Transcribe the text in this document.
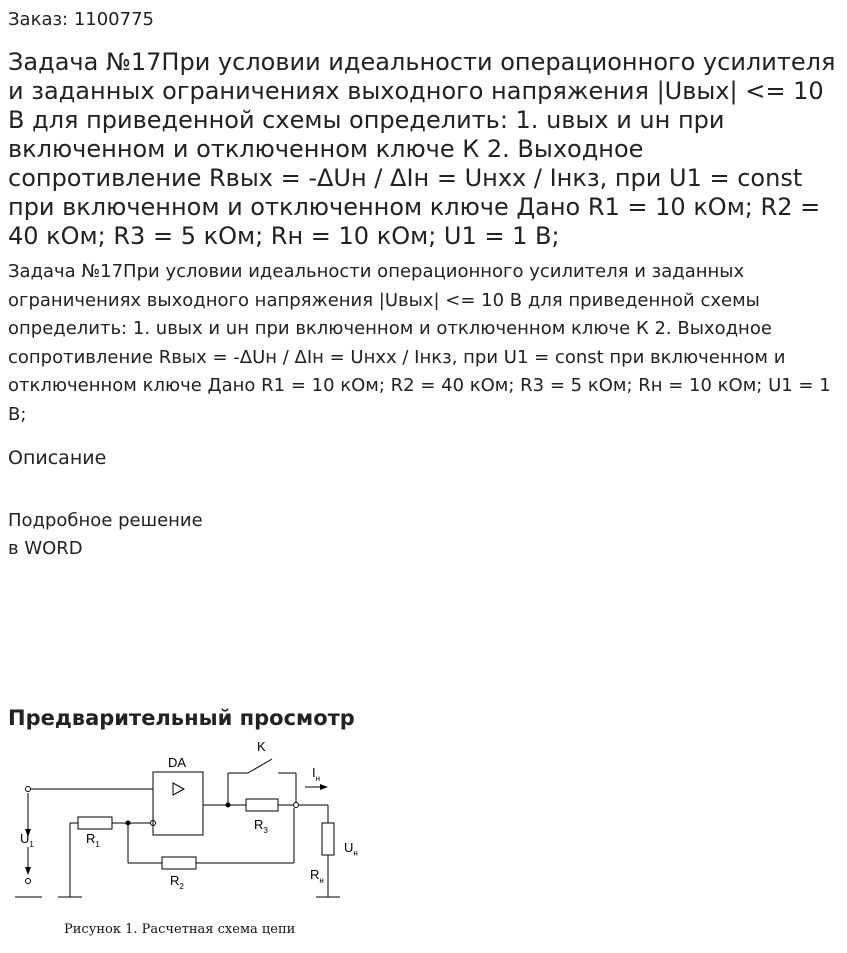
Заказ: 1100775
Задача №17При условии идеальности операционного усилителя и заданных ограничениях выходного напряжения |Uвых| <= 10 В для приведенной схемы определить: 1. uвых и uн при включенном и отключенном ключе К 2. Выходное сопротивление Rвых = -ΔUн / ΔIн = Uнхх / Iнкз, при U1 = const при включенном и отключенном ключе Дано R1 = 10 кОм; R2 = 40 кОм; R3 = 5 кОм; Rн = 10 кОм; U1 = 1 В;

Задача №17При условии идеальности операционного усилителя и заданных ограничениях выходного напряжения |Uвых| <= 10 В для приведенной схемы определить: 1. uвых и uн при включенном и отключенном ключе К 2. Выходное сопротивление Rвых = -ΔUн / ΔIн = Uнхх / Iнкз, при U1 = const при включенном и отключенном ключе Дано R1 = 10 кОм; R2 = 40 кОм; R3 = 5 кОм; Rн = 10 кОм; U1 = 1 В;

Описание
Подробное решение
в WORD
Предварительный просмотр
$U_1$	$R_1$
DA
$R_3$
K
$R_2$
$R_н$
$I_н$
$U_н$
Рисунок 1. Расчетная схема цепи
